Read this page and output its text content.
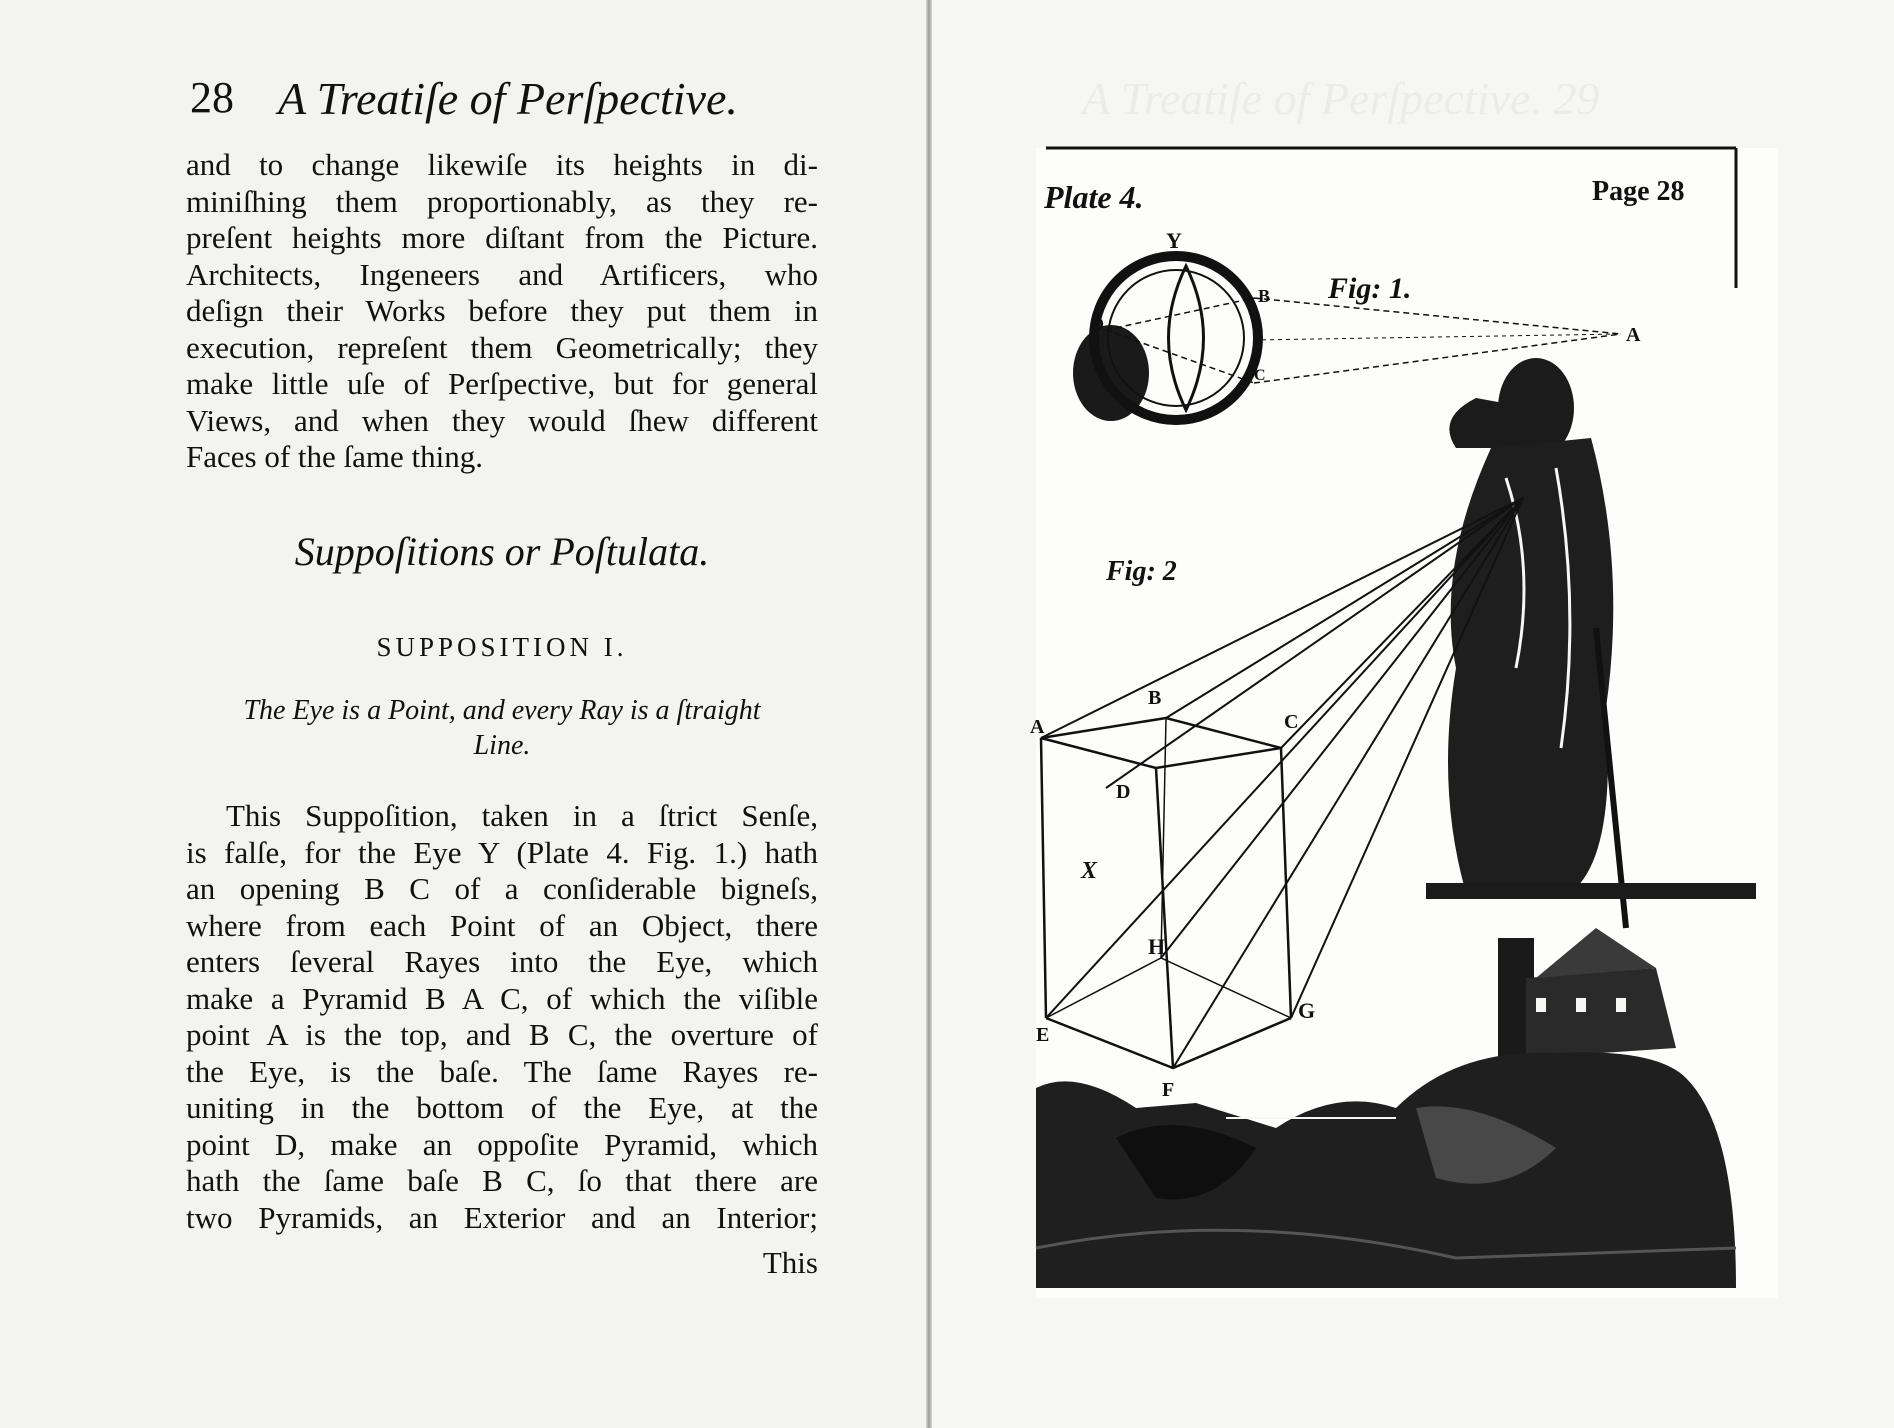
28 A Treatiſe of Perſpective.
and to change likewiſe its heights in di-
miniſhing them proportionably, as they re-
preſent heights more diſtant from the Picture.
Architects, Ingeneers and Artificers, who
deſign their Works before they put them in
execution, repreſent them Geometrically; they
make little uſe of Perſpective, but for general
Views, and when they would ſhew different
Faces of the ſame thing.
Suppoſitions or Poſtulata.
SUPPOSITION I.
The Eye is a Point, and every Ray is a ſtraight
Line.
This Suppoſition, taken in a ſtrict Senſe,
is falſe, for the Eye Y (Plate 4. Fig. 1.) hath
an opening B C of a conſiderable bigneſs,
where from each Point of an Object, there
enters ſeveral Rayes into the Eye, which
make a Pyramid B A C, of which the viſible
point A is the top, and B C, the overture of
the Eye, is the baſe. The ſame Rayes re-
uniting in the bottom of the Eye, at the
point D, make an oppoſite Pyramid, which
hath the ſame baſe B C, ſo that there are
two Pyramids, an Exterior and an Interior;
This
Plate 4.	Page 28
Y
B
C
D	A
Fig: 1.
Fig: 2
A
B
C
D
E
F
G
H
X
